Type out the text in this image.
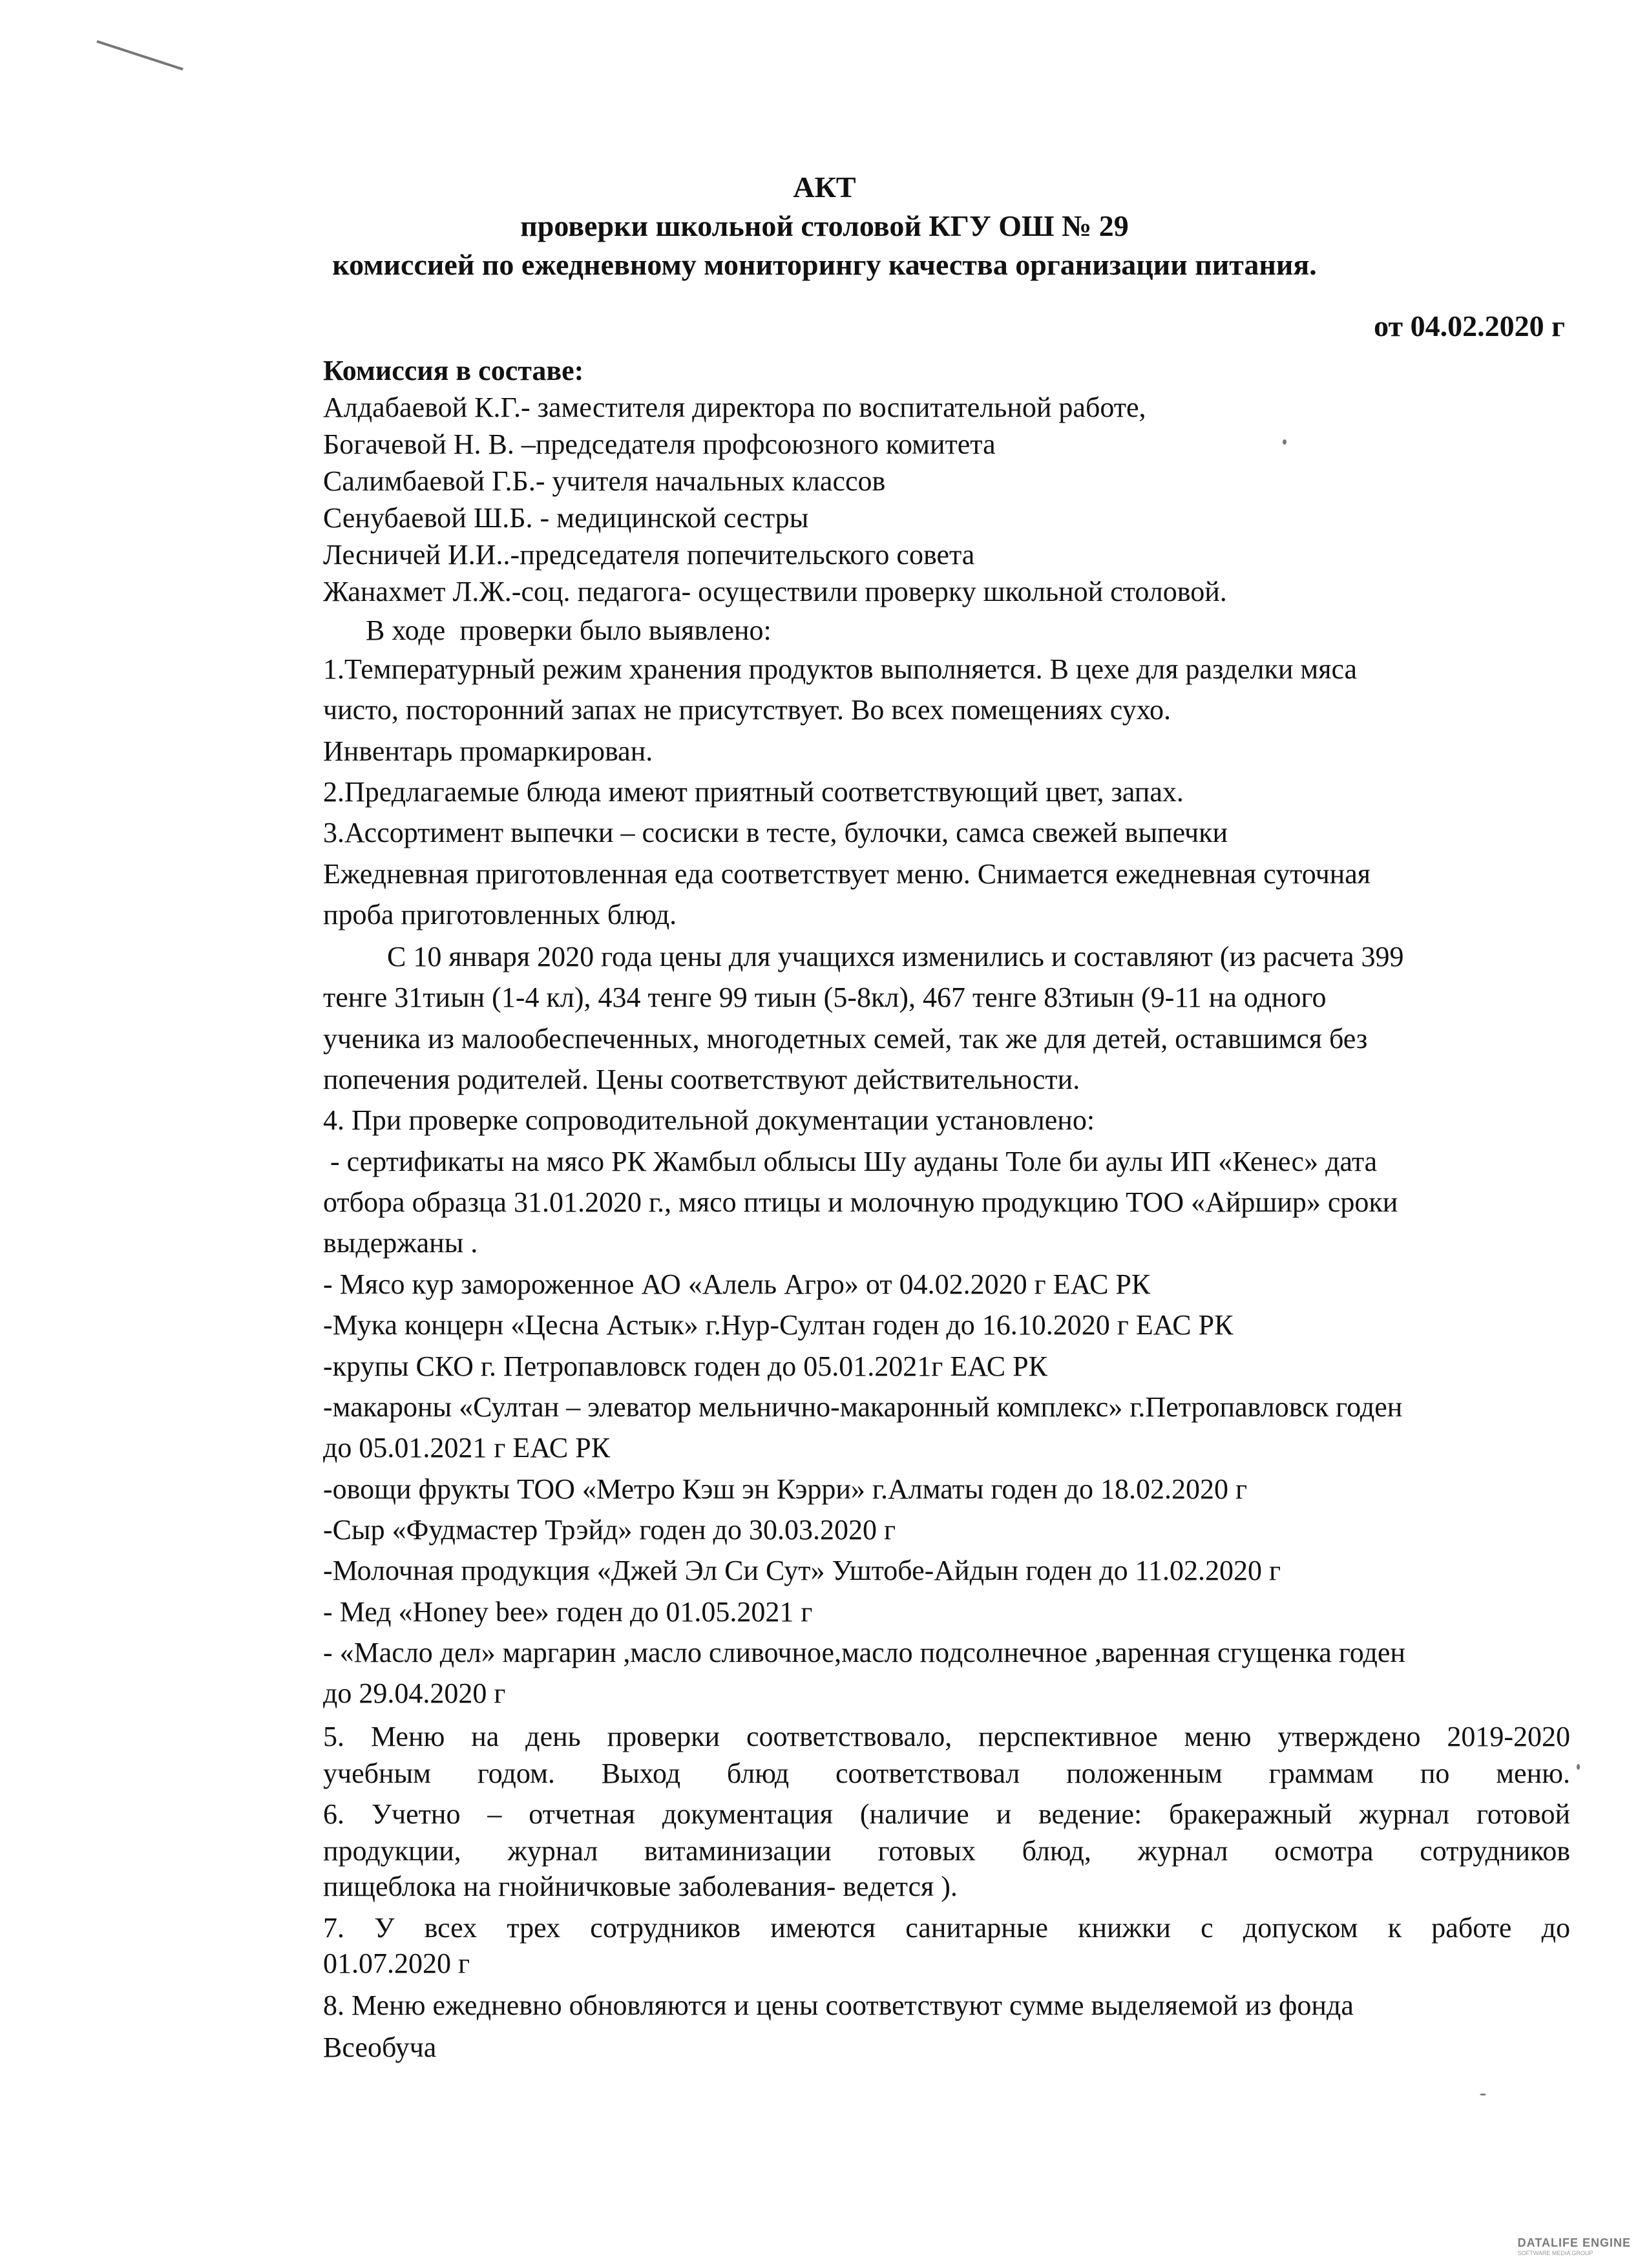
АКТ
проверки школьной столовой КГУ ОШ № 29
комиссией по ежедневному мониторингу качества организации питания.
от 04.02.2020 г
Комиссия в составе:
Алдабаевой К.Г.- заместителя директора по воспитательной работе,
Богачевой Н. В. –председателя профсоюзного комитета
Салимбаевой Г.Б.- учителя начальных классов
Сенубаевой Ш.Б. - медицинской сестры
Лесничей И.И..-председателя попечительского совета
Жанахмет Л.Ж.-соц. педагога- осуществили проверку школьной столовой.
В ходе  проверки было выявлено:
1.Температурный режим хранения продуктов выполняется. В цехе для разделки мяса
чисто, посторонний запах не присутствует. Во всех помещениях сухо.
Инвентарь промаркирован.
2.Предлагаемые блюда имеют приятный соответствующий цвет, запах.
3.Ассортимент выпечки – сосиски в тесте, булочки, самса свежей выпечки
Ежедневная приготовленная еда соответствует меню. Снимается ежедневная суточная
проба приготовленных блюд.
С 10 января 2020 года цены для учащихся изменились и составляют (из расчета 399
тенге 31тиын (1-4 кл), 434 тенге 99 тиын (5-8кл), 467 тенге 83тиын (9-11 на одного
ученика из малообеспеченных, многодетных семей, так же для детей, оставшимся без
попечения родителей. Цены соответствуют действительности.
4. При проверке сопроводительной документации установлено:
- сертификаты на мясо РК Жамбыл облысы Шу ауданы Толе би аулы ИП «Кенес» дата
отбора образца 31.01.2020 г., мясо птицы и молочную продукцию ТОО «Айршир» сроки
выдержаны .
- Мясо кур замороженное АО «Алель Агро» от 04.02.2020 г ЕАС РК
-Мука концерн «Цесна Астык» г.Нур-Султан годен до 16.10.2020 г ЕАС РК
-крупы СКО г. Петропавловск годен до 05.01.2021г ЕАС РК
-макароны «Султан – элеватор мельнично-макаронный комплекс» г.Петропавловск годен
до 05.01.2021 г ЕАС РК
-овощи фрукты ТОО «Метро Кэш эн Кэрри» г.Алматы годен до 18.02.2020 г
-Сыр «Фудмастер Трэйд» годен до 30.03.2020 г
-Молочная продукция «Джей Эл Си Сут» Уштобе-Айдын годен до 11.02.2020 г
- Мед «Honey bee» годен до 01.05.2021 г
- «Масло дел» маргарин ,масло сливочное,масло подсолнечное ,варенная сгущенка годен
до 29.04.2020 г
5. Меню на день проверки соответствовало, перспективное меню утверждено 2019-2020
учебным годом. Выход блюд соответствовал положенным граммам по меню.
6. Учетно – отчетная документация (наличие и ведение: бракеражный журнал готовой
продукции, журнал витаминизации готовых блюд, журнал осмотра сотрудников
пищеблока на гнойничковые заболевания- ведется ).
7. У всех трех сотрудников имеются санитарные книжки с допуском к работе до
01.07.2020 г
8. Меню ежедневно обновляются и цены соответствуют сумме выделяемой из фонда
Всеобуча
DATALIFE ENGINE
SOFTWARE MEDIA GROUP
